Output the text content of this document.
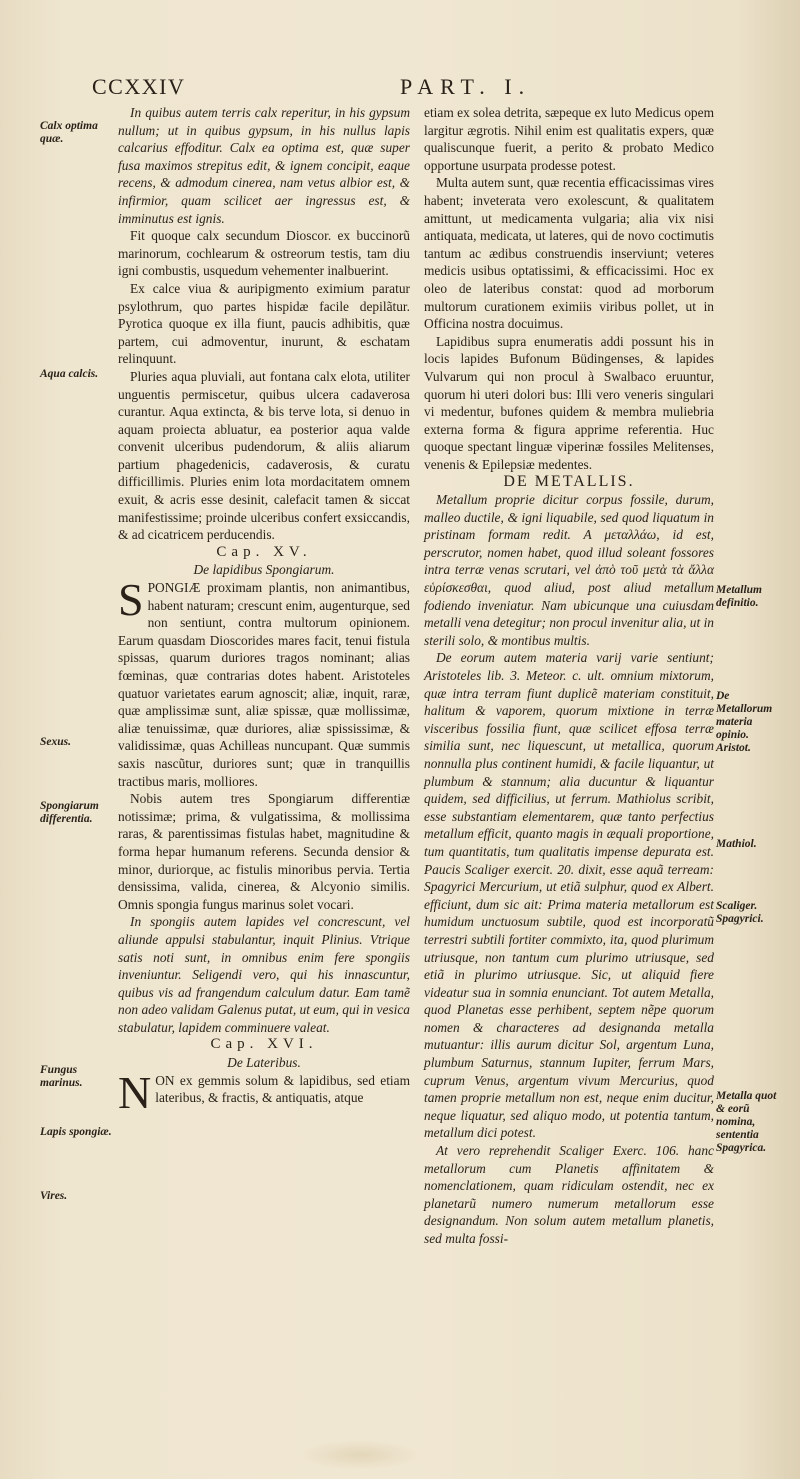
CCXXIV	PART. I.

In quibus autem terris calx reperitur, in his gypsum nullum; ut in quibus gypsum, in his nullus lapis calcarius effoditur. Calx ea optima est, quæ super fusa maximos strepitus edit, & ignem concipit, eaque recens, & admodum cinerea, nam vetus albior est, & infirmior, quam scilicet aer ingressus est, & imminutus est ignis.

Fit quoque calx secundum Dioscor. ex buccinorũ marinorum, cochlearum & ostreorum testis, tam diu igni combustis, usquedum vehementer inalbuerint.

Ex calce viua & auripigmento eximium paratur psylothrum, quo partes hispidæ facile depilãtur. Pyrotica quoque ex illa fiunt, paucis adhibitis, quæ partem, cui admoventur, inurunt, & eschatam relinquunt.

Pluries aqua pluviali, aut fontana calx elota, utiliter unguentis permiscetur, quibus ulcera cadaverosa curantur. Aqua extincta, & bis terve lota, si denuo in aquam proiecta abluatur, ea posterior aqua valde convenit ulceribus pudendorum, & aliis aliarum partium phagedenicis, cadaverosis, & curatu difficillimis. Pluries enim lota mordacitatem omnem exuit, & acris esse desinit, calefacit tamen & siccat manifestissime; proinde ulceribus confert exsiccandis, & ad cicatricem perducendis.

Cap. XV.

De lapidibus Spongiarum.

SPONGIÆ proximam plantis, non animantibus, habent naturam; crescunt enim, augenturque, sed non sentiunt, contra multorum opinionem. Earum quasdam Dioscorides mares facit, tenui fistula spissas, quarum duriores tragos nominant; alias fœminas, quæ contrarias dotes habent. Aristoteles quatuor varietates earum agnoscit; aliæ, inquit, raræ, quæ amplissimæ sunt, aliæ spissæ, quæ mollissimæ, aliæ tenuissimæ, quæ duriores, aliæ spississimæ, & validissimæ, quas Achilleas nuncupant. Quæ summis saxis nascũtur, duriores sunt; quæ in tranquillis tractibus maris, molliores.

Nobis autem tres Spongiarum differentiæ notissimæ; prima, & vulgatissima, & mollissima raras, & parentissimas fistulas habet, magnitudine & forma hepar humanum referens. Secunda densior & minor, duriorque, ac fistulis minoribus pervia. Tertia densissima, valida, cinerea, & Alcyonio similis. Omnis spongia fungus marinus solet vocari.

In spongiis autem lapides vel concrescunt, vel aliunde appulsi stabulantur, inquit Plinius. Vtrique satis noti sunt, in omnibus enim fere spongiis inveniuntur. Seligendi vero, qui his innascuntur, quibus vis ad frangendum calculum datur. Eam tamẽ non adeo validam Galenus putat, ut eum, qui in vesica stabulatur, lapidem comminuere valeat.

Cap. XVI.

De Lateribus.

NON ex gemmis solum & lapidibus, sed etiam lateribus, & fractis, & antiquatis, atque

etiam ex solea detrita, sæpeque ex luto Medicus opem largitur ægrotis. Nihil enim est qualitatis expers, quæ qualiscunque fuerit, a perito & probato Medico opportune usurpata prodesse potest.

Multa autem sunt, quæ recentia efficacissimas vires habent; inveterata vero exolescunt, & qualitatem amittunt, ut medicamenta vulgaria; alia vix nisi antiquata, medicata, ut lateres, qui de novo coctimutis tantum ac ædibus construendis inserviunt; veteres medicis usibus optatissimi, & efficacissimi. Hoc ex oleo de lateribus constat: quod ad morborum multorum curationem eximiis viribus pollet, ut in Officina nostra docuimus.

Lapidibus supra enumeratis addi possunt his in locis lapides Bufonum Büdingenses, & lapides Vulvarum qui non procul à Swalbaco eruuntur, quorum hi uteri dolori bus: Illi vero veneris singulari vi medentur, bufones quidem & membra muliebria externa forma & figura apprime referentia. Huc quoque spectant linguæ viperinæ fossiles Melitenses, venenis & Epilepsiæ medentes.

DE METALLIS.

Metallum proprie dicitur corpus fossile, durum, malleo ductile, & igni liquabile, sed quod liquatum in pristinam formam redit. A μεταλλάω, id est, perscrutor, nomen habet, quod illud soleant fossores intra terræ venas scrutari, vel ἀπὸ τοῦ μετὰ τὰ ἄλλα εὑρίσκεσθαι, quod aliud, post aliud metallum fodiendo inveniatur. Nam ubicunque una cuiusdam metalli vena detegitur; non procul invenitur alia, ut in sterili solo, & montibus multis.

De eorum autem materia varij varie sentiunt; Aristoteles lib. 3. Meteor. c. ult. omnium mixtorum, quæ intra terram fiunt duplicẽ materiam constituit, halitum & vaporem, quorum mixtione in terræ visceribus fossilia fiunt, quæ scilicet effosa terræ similia sunt, nec liquescunt, ut metallica, quorum nonnulla plus continent humidi, & facile liquantur, ut plumbum & stannum; alia ducuntur & liquantur quidem, sed difficilius, ut ferrum. Mathiolus scribit, esse substantiam elementarem, quæ tanto perfectius metallum efficit, quanto magis in æquali proportione, tum quantitatis, tum qualitatis impense depurata est. Paucis Scaliger exercit. 20. dixit, esse aquã terream: Spagyrici Mercurium, ut etiã sulphur, quod ex Albert. efficiunt, dum sic ait: Prima materia metallorum est humidum unctuosum subtile, quod est incorporatũ terrestri subtili fortiter commixto, ita, quod plurimum utriusque, non tantum cum plurimo utriusque, sed etiã in plurimo utriusque. Sic, ut aliquid fiere videatur sua in somnia enunciant. Tot autem Metalla, quod Planetas esse perhibent, septem nẽpe quorum nomen & characteres ad designanda metalla mutuantur: illis aurum dicitur Sol, argentum Luna, plumbum Saturnus, stannum Iupiter, ferrum Mars, cuprum Venus, argentum vivum Mercurius, quod tamen proprie metallum non est, neque enim ducitur, neque liquatur, sed aliquo modo, ut potentia tantum, metallum dici potest.

At vero reprehendit Scaliger Exerc. 106. hanc metallorum cum Planetis affinitatem & nomenclationem, quam ridiculam ostendit, nec ex planetarũ numero numerum metallorum esse designandum. Non solum autem metallum planetis, sed multa fossi-

Calx optima quæ.
Aqua calcis.
Sexus.
Spongiarum differentia.
Fungus marinus.
Lapis spongiæ.
Vires.
Metallum definitio.
De Metallorum materia opinio.
Aristot.
Mathiol.
Scaliger. Spagyrici.
Metalla quot & eorũ nomina, sententia Spagyrica.
